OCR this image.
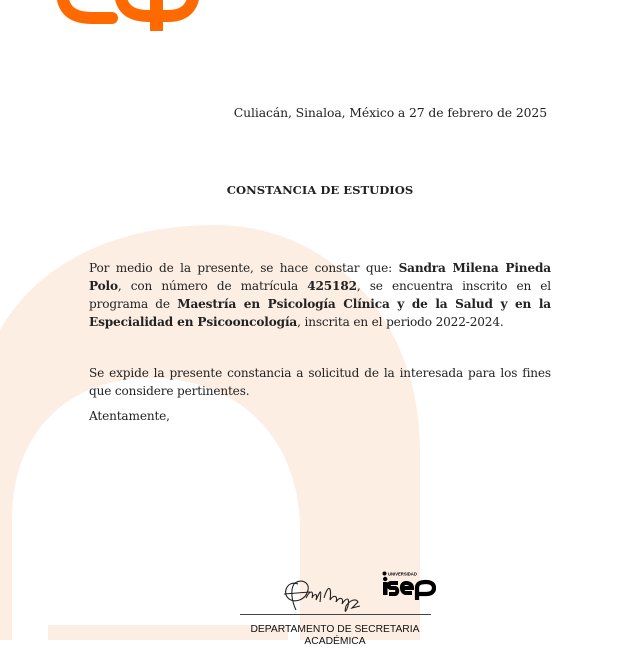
Culiacán, Sinaloa, México a 27 de febrero de 2025
CONSTANCIA DE ESTUDIOS
Por medio de la presente, se hace constar que: Sandra Milena Pineda Polo, con número de matrícula 425182, se encuentra inscrito en el programa de Maestría en Psicología Clínica y de la Salud y en la Especialidad en Psicooncología, inscrita en el periodo 2022-2024.
Se expide la presente constancia a solicitud de la interesada para los fines que considere pertinentes.
Atentamente,
UNIVERSIDAD
DEPARTAMENTO DE SECRETARIA
ACADÉMICA
